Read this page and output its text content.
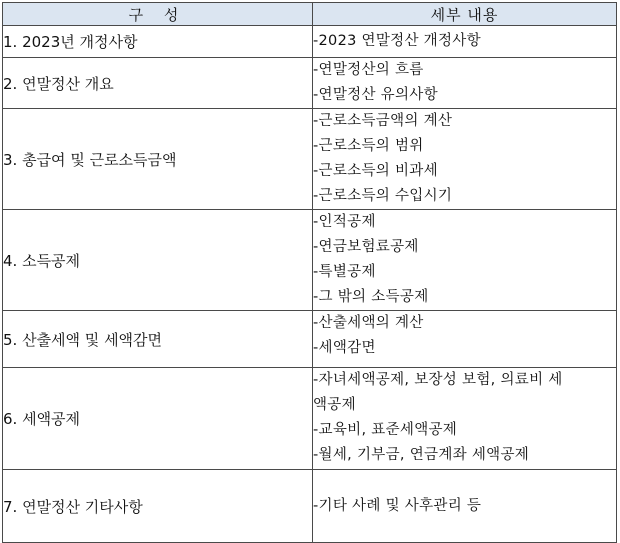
구 성	세부 내용
1. 2023년 개정사항	-2023 연말정산 개정사항

2. 연말정산 개요	-연말정산의 흐름
-연말정산 유의사항

3. 총급여 및 근로소득금액	-근로소득금액의 계산
-근로소득의 범위
-근로소득의 비과세
-근로소득의 수입시기

4. 소득공제	-인적공제
-연금보험료공제
-특별공제
-그 밖의 소득공제

5. 산출세액 및 세액감면	-산출세액의 계산
-세액감면

6. 세액공제	-자녀세액공제, 보장성 보험, 의료비 세
액공제
-교육비, 표준세액공제
-월세, 기부금, 연금계좌 세액공제

7. 연말정산 기타사항	-기타 사례 및 사후관리 등
